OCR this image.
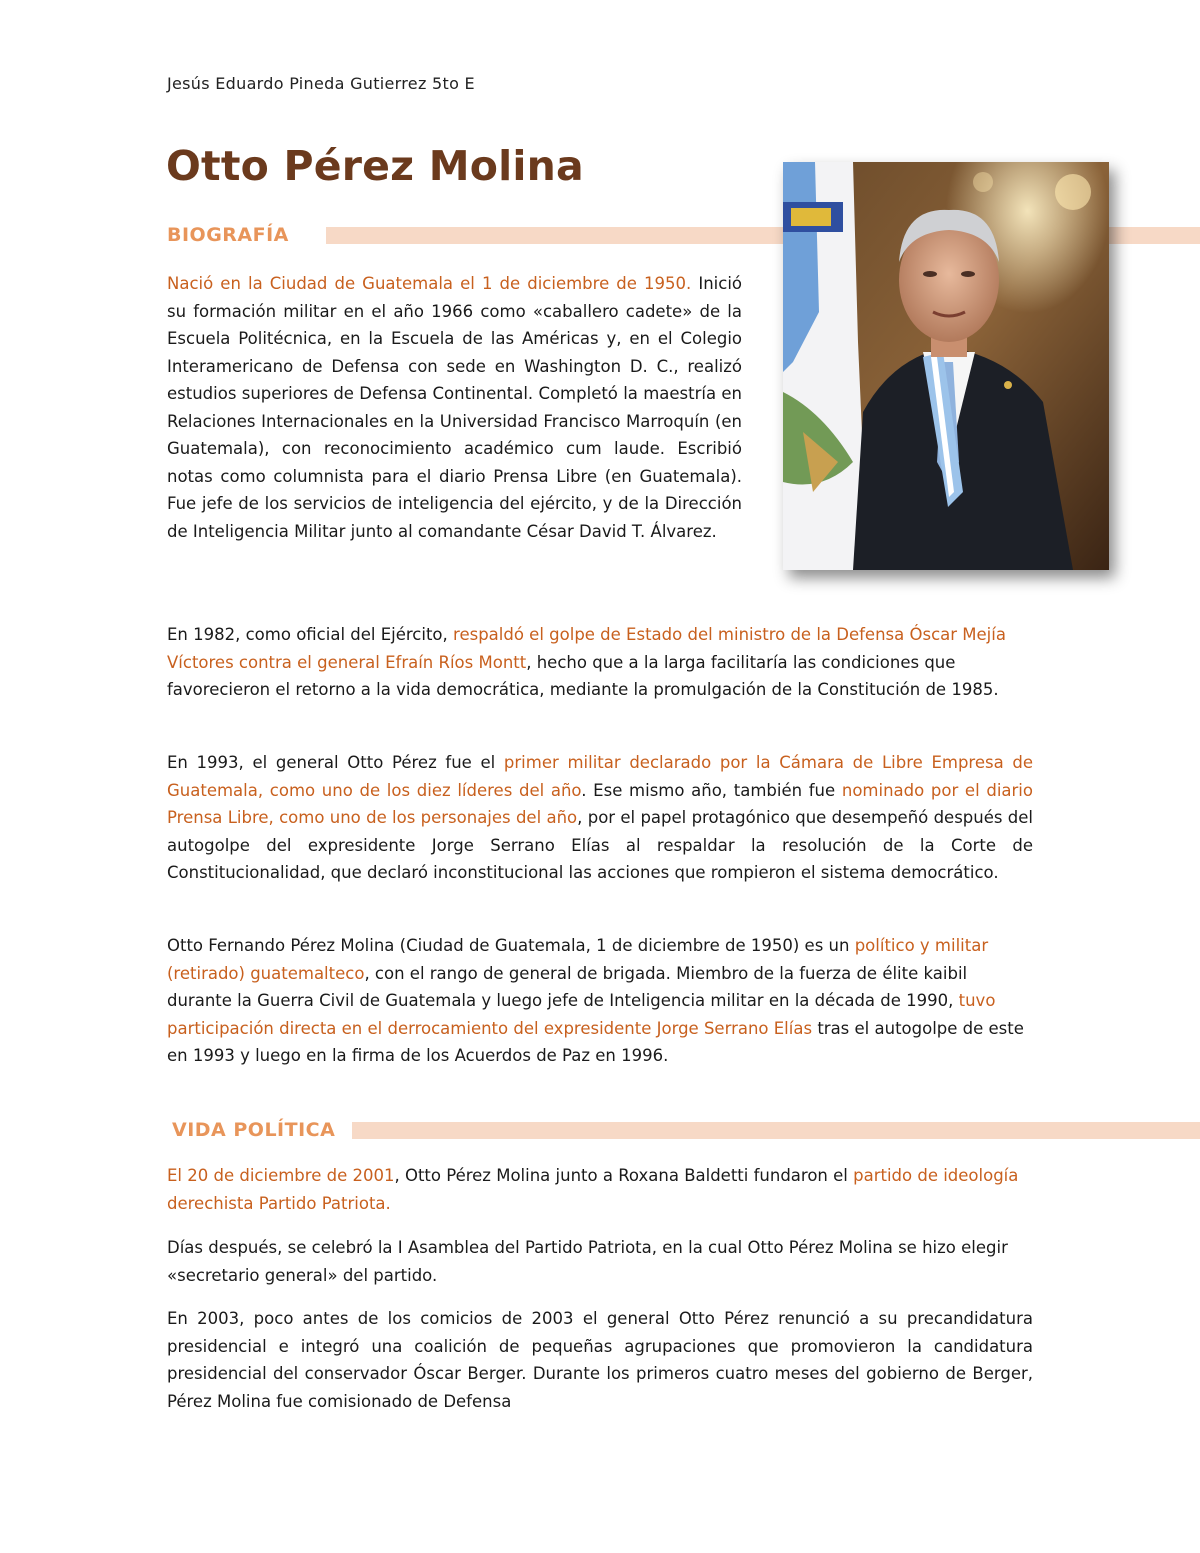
Jesús Eduardo Pineda Gutierrez 5to E
Otto Pérez Molina
BIOGRAFÍA

Nació en la Ciudad de Guatemala el 1 de diciembre de 1950. Inició su formación militar en el año 1966 como «caballero cadete» de la Escuela Politécnica, en la Escuela de las Américas y, en el Colegio Interamericano de Defensa con sede en Washington D. C., realizó estudios superiores de Defensa Continental. Completó la maestría en Relaciones Internacionales en la Universidad Francisco Marroquín (en Guatemala), con reconocimiento académico cum laude. Escribió notas como columnista para el diario Prensa Libre (en Guatemala). Fue jefe de los servicios de inteligencia del ejército, y de la Dirección de Inteligencia Militar junto al comandante César David T. Álvarez.

En 1982, como oficial del Ejército, respaldó el golpe de Estado del ministro de la Defensa Óscar Mejía Víctores contra el general Efraín Ríos Montt, hecho que a la larga facilitaría las condiciones que favorecieron el retorno a la vida democrática, mediante la promulgación de la Constitución de 1985.

En 1993, el general Otto Pérez fue el primer militar declarado por la Cámara de Libre Empresa de Guatemala, como uno de los diez líderes del año. Ese mismo año, también fue nominado por el diario Prensa Libre, como uno de los personajes del año, por el papel protagónico que desempeñó después del autogolpe del expresidente Jorge Serrano Elías al respaldar la resolución de la Corte de Constitucionalidad, que declaró inconstitucional las acciones que rompieron el sistema democrático.

Otto Fernando Pérez Molina (Ciudad de Guatemala, 1 de diciembre de 1950) es un político y militar (retirado) guatemalteco, con el rango de general de brigada. Miembro de la fuerza de élite kaibil durante la Guerra Civil de Guatemala y luego jefe de Inteligencia militar en la década de 1990, tuvo participación directa en el derrocamiento del expresidente Jorge Serrano Elías tras el autogolpe de este en 1993 y luego en la firma de los Acuerdos de Paz en 1996.

VIDA POLÍTICA

El 20 de diciembre de 2001, Otto Pérez Molina junto a Roxana Baldetti fundaron el partido de ideología derechista Partido Patriota.

Días después, se celebró la I Asamblea del Partido Patriota, en la cual Otto Pérez Molina se hizo elegir «secretario general» del partido.

En 2003, poco antes de los comicios de 2003 el general Otto Pérez renunció a su precandidatura presidencial e integró una coalición de pequeñas agrupaciones que promovieron la candidatura presidencial del conservador Óscar Berger. Durante los primeros cuatro meses del gobierno de Berger, Pérez Molina fue comisionado de Defensa
